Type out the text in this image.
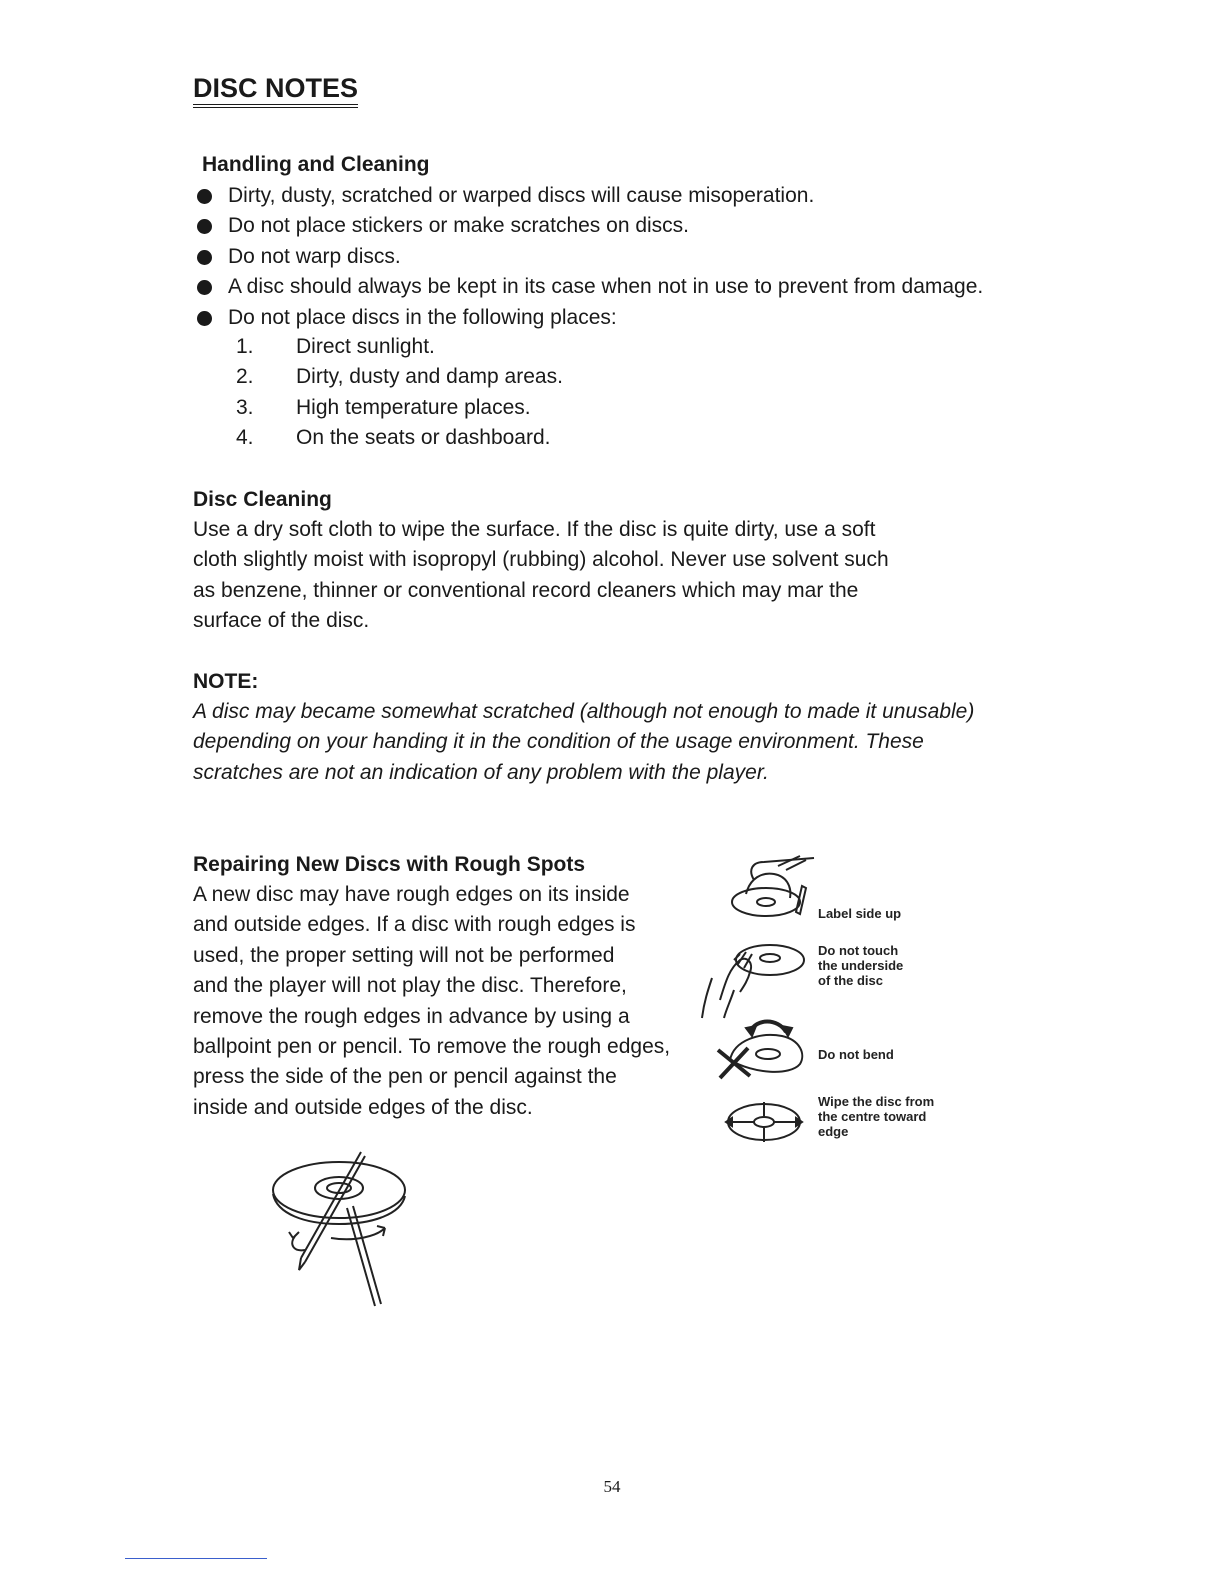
DISC NOTES
Handling and Cleaning
Dirty, dusty, scratched or warped discs will cause misoperation.
Do not place stickers or make scratches on discs.
Do not warp discs.
A disc should always be kept in its case when not in use to prevent from damage.
Do not place discs in the following places:
1. Direct sunlight.
2. Dirty, dusty and damp areas.
3. High temperature places.
4. On the seats or dashboard.
Disc Cleaning
Use a dry soft cloth to wipe the surface. If the disc is quite dirty, use a soft
cloth slightly moist with isopropyl (rubbing) alcohol. Never use solvent such
as benzene, thinner or conventional record cleaners which may mar the
surface of the disc.
NOTE:
A disc may became somewhat scratched (although not enough to made it unusable)
depending on your handing it in the condition of the usage environment. These
scratches are not an indication of any problem with the player.
Repairing New Discs with Rough Spots
A new disc may have rough edges on its inside
and outside edges. If a disc with rough edges is
used, the proper setting will not be performed
and the player will not play the disc. Therefore,
remove the rough edges in advance by using a
ballpoint pen or pencil. To remove the rough edges,
press the side of the pen or pencil against the
inside and outside edges of the disc.
Label side up
Do not touch
the underside
of the disc
Do not bend
Wipe the disc from
the centre toward
edge
54
